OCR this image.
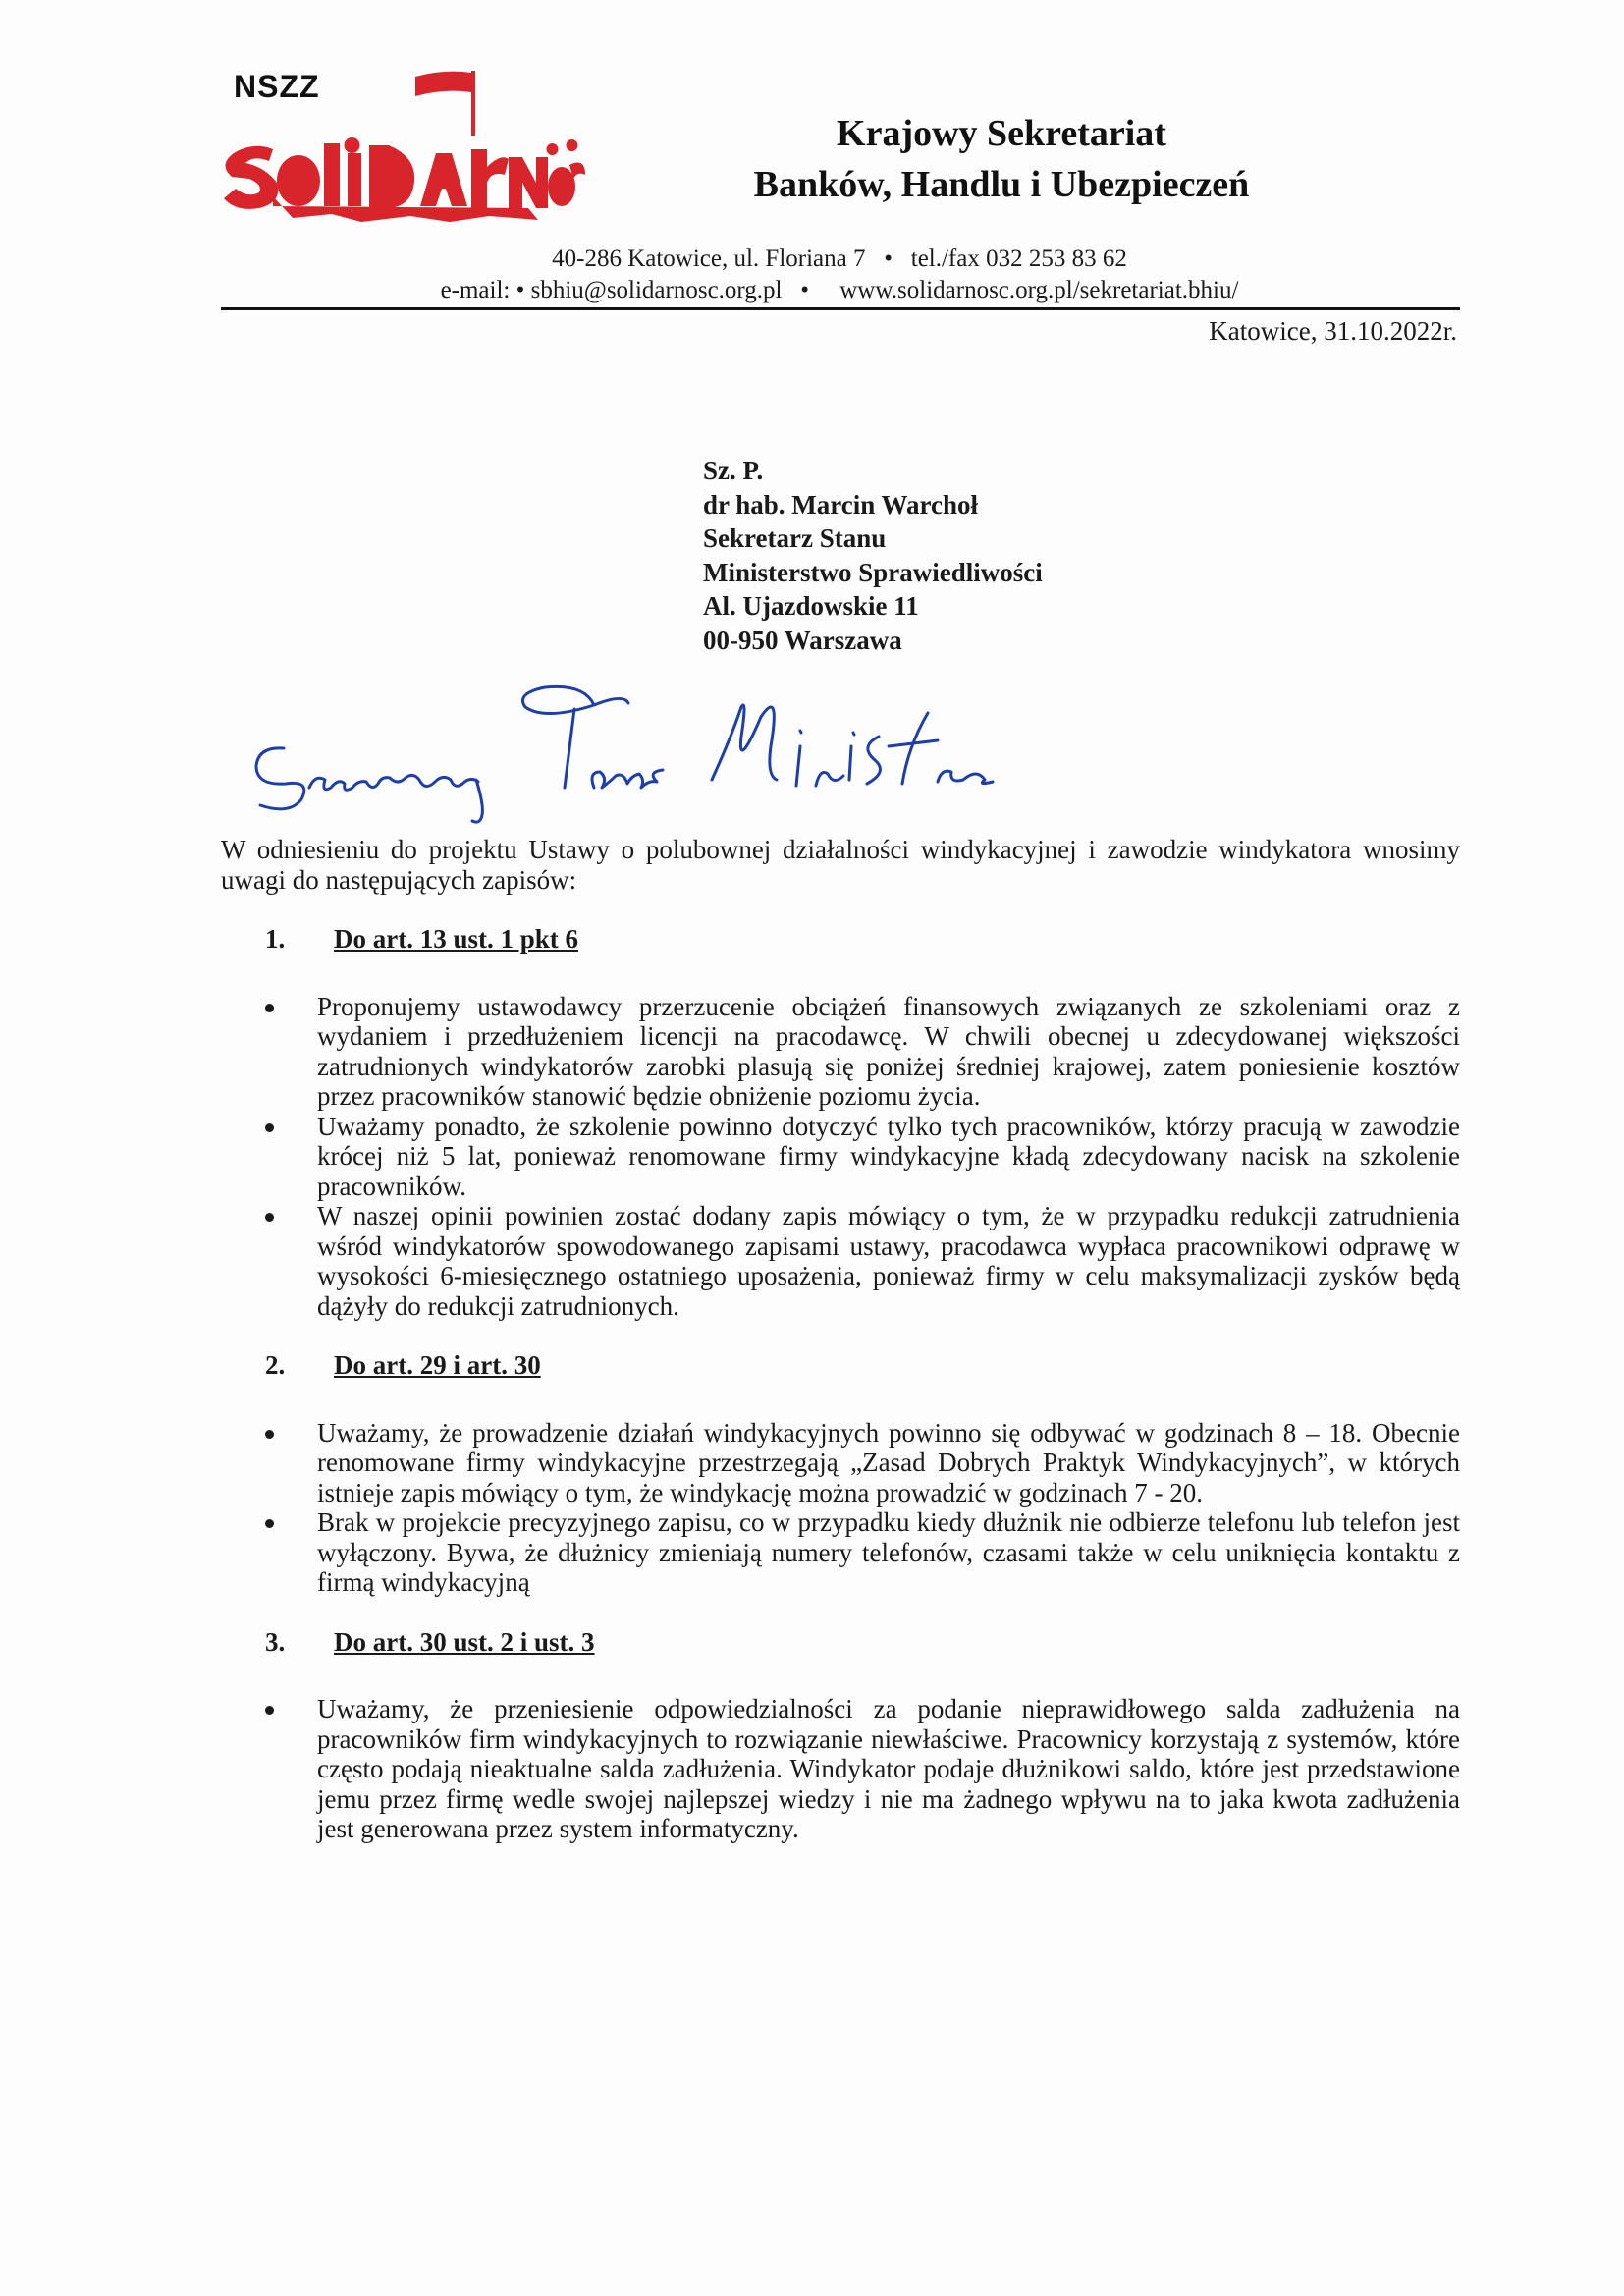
NSZZ
Krajowy Sekretariat
Banków, Handlu i Ubezpieczeń
40-286 Katowice, ul. Floriana 7   •   tel./fax 032 253 83 62
e-mail: • sbhiu@solidarnosc.org.pl   •     www.solidarnosc.org.pl/sekretariat.bhiu/
Katowice, 31.10.2022r.
Sz. P.
dr hab. Marcin Warchoł
Sekretarz Stanu
Ministerstwo Sprawiedliwości
Al. Ujazdowskie 11
00-950 Warszawa

W odniesieniu do projektu Ustawy o polubownej działalności windykacyjnej i zawodzie windykatora wnosimy uwagi do następujących zapisów:

1.	Do art. 13 ust. 1 pkt 6
Proponujemy ustawodawcy przerzucenie obciążeń finansowych związanych ze szkoleniami oraz z wydaniem i przedłużeniem licencji na pracodawcę. W chwili obecnej u zdecydowanej większości zatrudnionych windykatorów zarobki plasują się poniżej średniej krajowej, zatem poniesienie kosztów przez pracowników stanowić będzie obniżenie poziomu życia.
Uważamy ponadto, że szkolenie powinno dotyczyć tylko tych pracowników, którzy pracują w zawodzie krócej niż 5 lat, ponieważ renomowane firmy windykacyjne kładą zdecydowany nacisk na szkolenie pracowników.
W naszej opinii powinien zostać dodany zapis mówiący o tym, że w przypadku redukcji zatrudnienia wśród windykatorów spowodowanego zapisami ustawy, pracodawca wypłaca pracownikowi odprawę w wysokości 6-miesięcznego ostatniego uposażenia, ponieważ firmy w celu maksymalizacji zysków będą dążyły do redukcji zatrudnionych.
2.	Do art. 29 i art. 30
Uważamy, że prowadzenie działań windykacyjnych powinno się odbywać w godzinach 8 – 18. Obecnie renomowane firmy windykacyjne przestrzegają „Zasad Dobrych Praktyk Windykacyjnych”, w których istnieje zapis mówiący o tym, że windykację można prowadzić w godzinach 7 - 20.
Brak w projekcie precyzyjnego zapisu, co w przypadku kiedy dłużnik nie odbierze telefonu lub telefon jest wyłączony. Bywa, że dłużnicy zmieniają numery telefonów, czasami także w celu uniknięcia kontaktu z firmą windykacyjną
3.	Do art. 30 ust. 2 i ust. 3
Uważamy, że przeniesienie odpowiedzialności za podanie nieprawidłowego salda zadłużenia na pracowników firm windykacyjnych to rozwiązanie niewłaściwe. Pracownicy korzystają z systemów, które często podają nieaktualne salda zadłużenia. Windykator podaje dłużnikowi saldo, które jest przedstawione jemu przez firmę wedle swojej najlepszej wiedzy i nie ma żadnego wpływu na to jaka kwota zadłużenia jest generowana przez system informatyczny.
